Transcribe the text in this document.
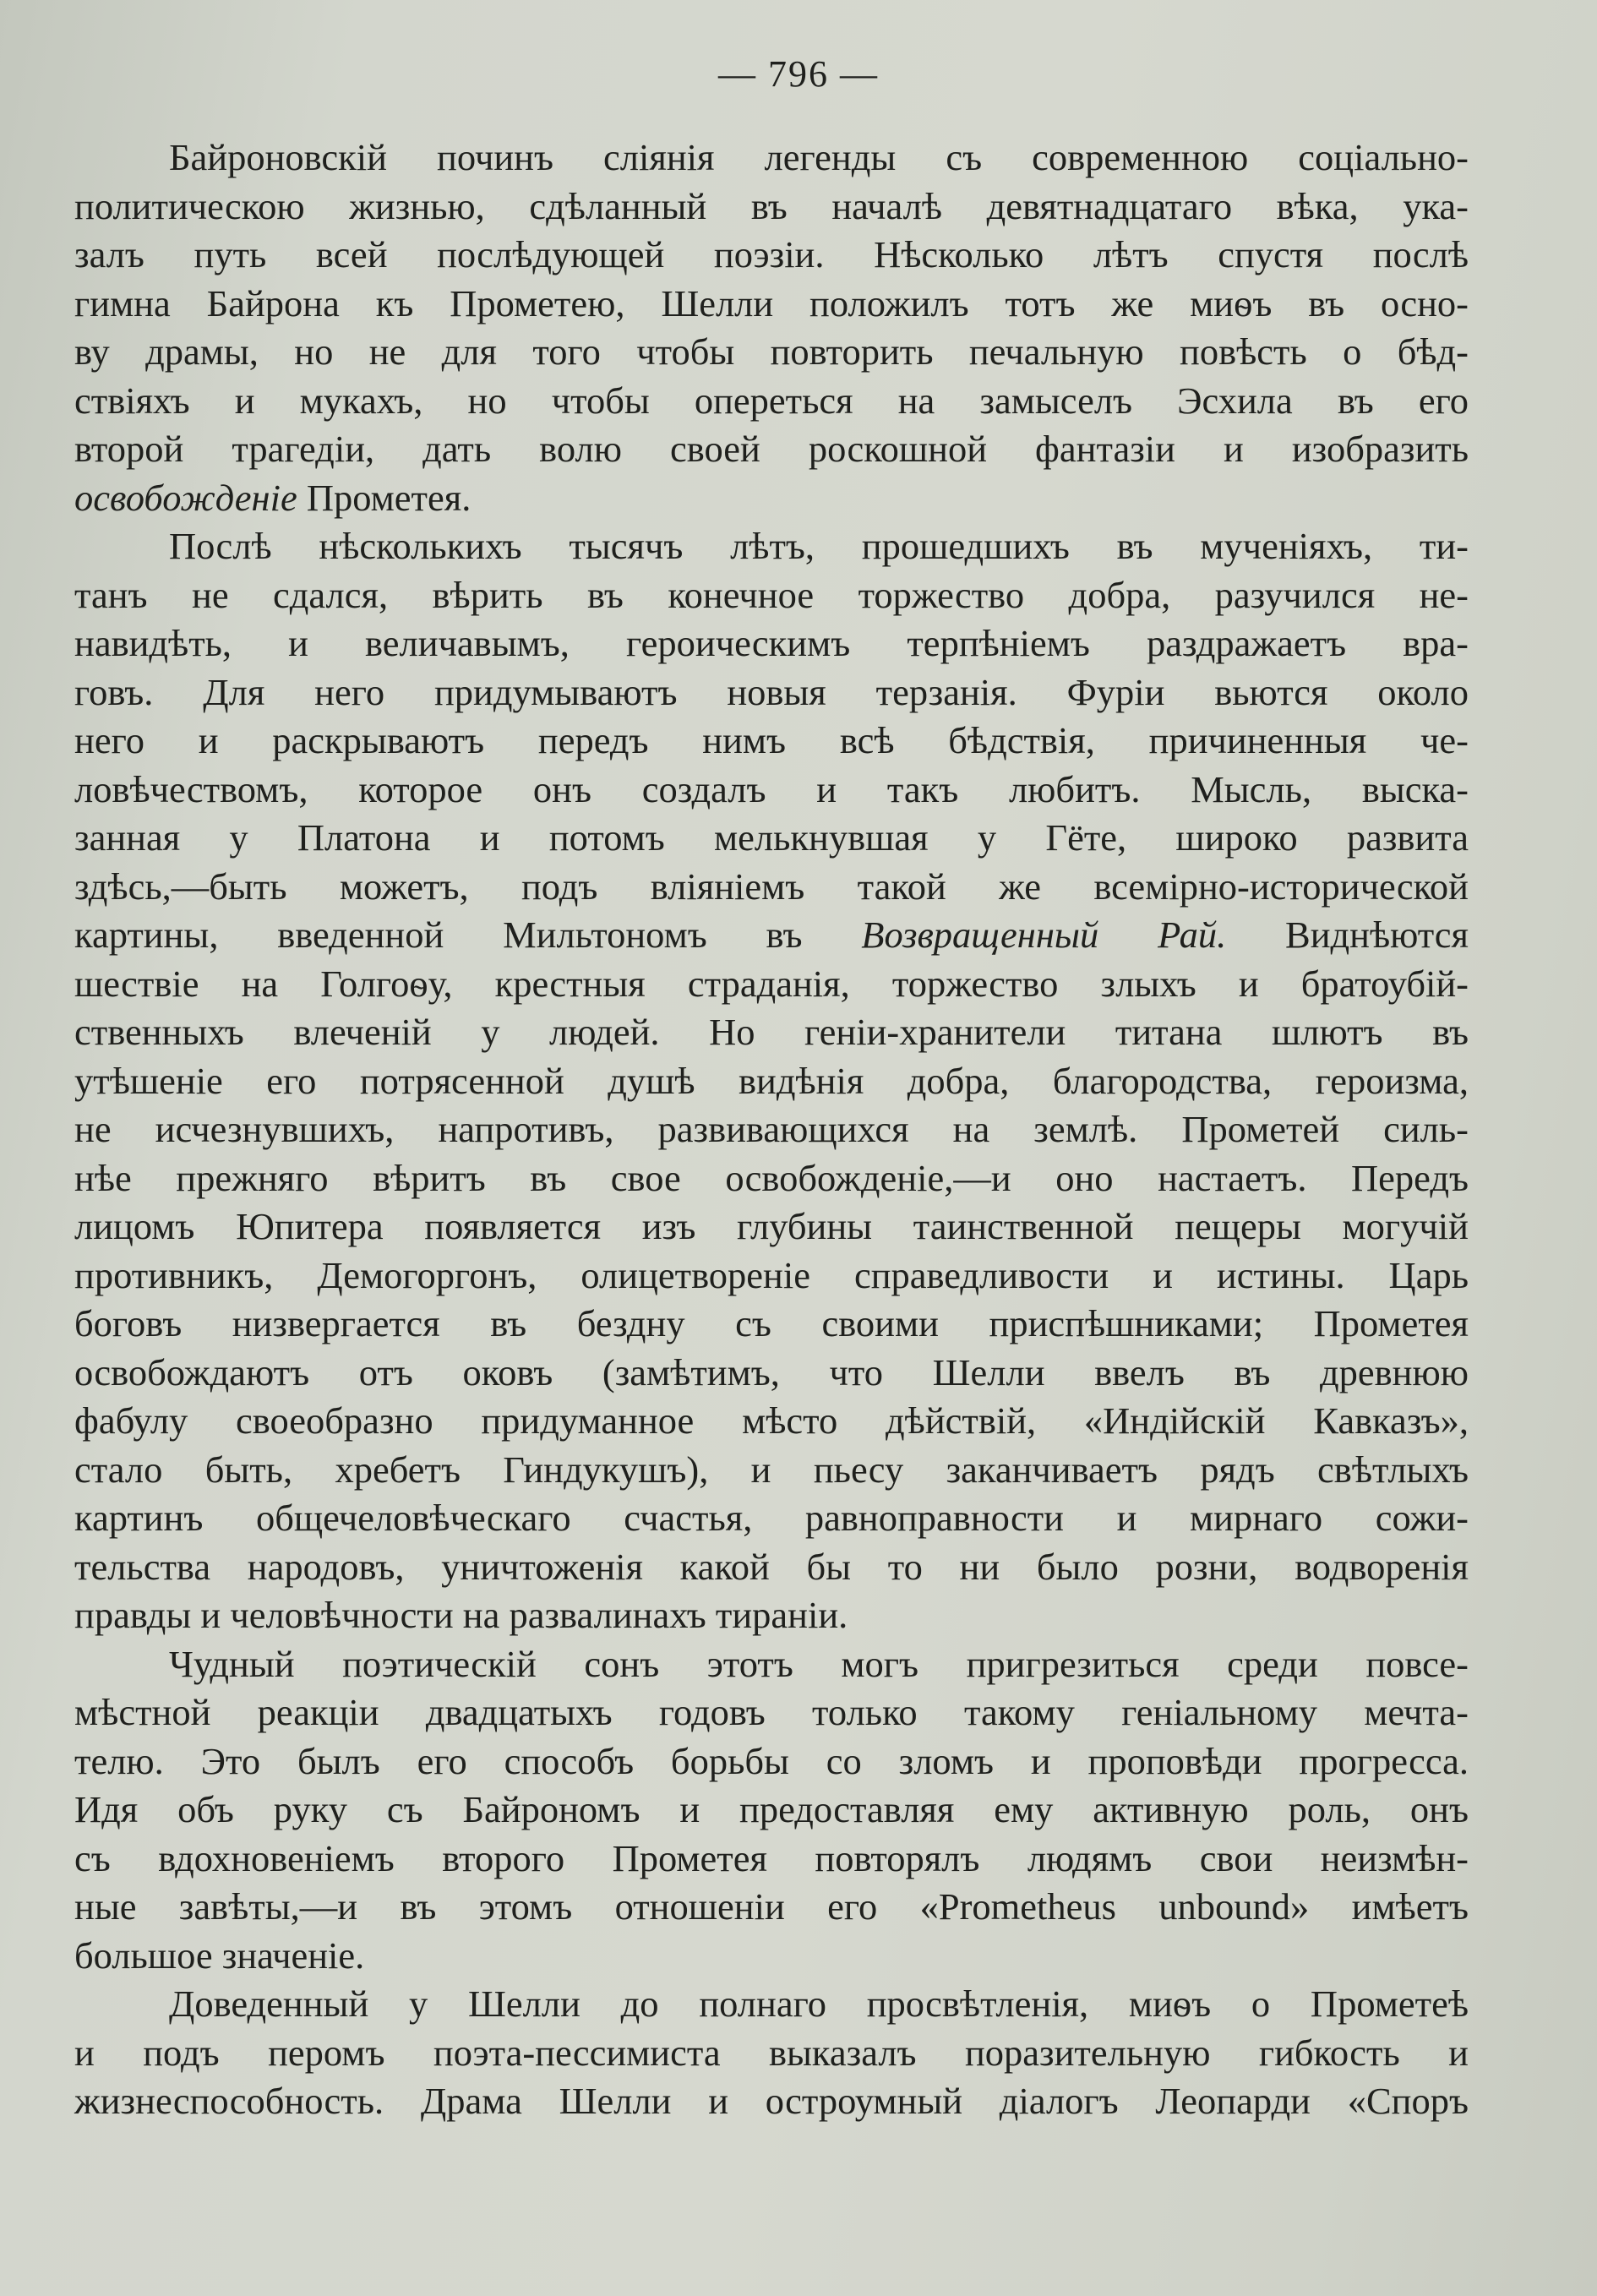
— 796 —

Байроновскій починъ сліянія легенды съ современною соціально-
политическою жизнью, сдѣланный въ началѣ девятнадцатаго вѣка, ука-
залъ путь всей послѣдующей поэзіи. Нѣсколько лѣтъ спустя послѣ
гимна Байрона къ Прометею, Шелли положилъ тотъ же миѳъ въ осно-
ву драмы, но не для того чтобы повторить печальную повѣсть о бѣд-
ствіяхъ и мукахъ, но чтобы опереться на замыселъ Эсхила въ его
второй трагедіи, дать волю своей роскошной фантазіи и изобразить
освобожденіе Прометея.

Послѣ нѣсколькихъ тысячъ лѣтъ, прошедшихъ въ мученіяхъ, ти-
танъ не сдался, вѣрить въ конечное торжество добра, разучился не-
навидѣть, и величавымъ, героическимъ терпѣніемъ раздражаетъ вра-
говъ. Для него придумываютъ новыя терзанія. Фуріи вьются около
него и раскрываютъ передъ нимъ всѣ бѣдствія, причиненныя че-
ловѣчествомъ, которое онъ создалъ и такъ любитъ. Мысль, выска-
занная у Платона и потомъ мелькнувшая у Гёте, широко развита
здѣсь,—быть можетъ, подъ вліяніемъ такой же всемірно-исторической
картины, введенной Мильтономъ въ Возвращенный Рай. Виднѣются
шествіе на Голгоѳу, крестныя страданія, торжество злыхъ и братоубій-
ственныхъ влеченій у людей. Но геніи-хранители титана шлютъ въ
утѣшеніе его потрясенной душѣ видѣнія добра, благородства, героизма,
не исчезнувшихъ, напротивъ, развивающихся на землѣ. Прометей силь-
нѣе прежняго вѣритъ въ свое освобожденіе,—и оно настаетъ. Передъ
лицомъ Юпитера появляется изъ глубины таинственной пещеры могучій
противникъ, Демогоргонъ, олицетвореніе справедливости и истины. Царь
боговъ низвергается въ бездну съ своими приспѣшниками; Прометея
освобождаютъ отъ оковъ (замѣтимъ, что Шелли ввелъ въ древнюю
фабулу своеобразно придуманное мѣсто дѣйствій, «Индійскій Кавказъ»,
стало быть, хребетъ Гиндукушъ), и пьесу заканчиваетъ рядъ свѣтлыхъ
картинъ общечеловѣческаго счастья, равноправности и мирнаго сожи-
тельства народовъ, уничтоженія какой бы то ни было розни, водворенія
правды и человѣчности на развалинахъ тираніи.

Чудный поэтическій сонъ этотъ могъ пригрезиться среди повсе-
мѣстной реакціи двадцатыхъ годовъ только такому геніальному мечта-
телю. Это былъ его способъ борьбы со зломъ и проповѣди прогресса.
Идя объ руку съ Байрономъ и предоставляя ему активную роль, онъ
съ вдохновеніемъ второго Прометея повторялъ людямъ свои неизмѣн-
ные завѣты,—и въ этомъ отношеніи его «Prometheus unbound» имѣетъ
большое значеніе.

Доведенный у Шелли до полнаго просвѣтленія, миѳъ о Прометеѣ
и подъ перомъ поэта-пессимиста выказалъ поразительную гибкость и
жизнеспособность. Драма Шелли и остроумный діалогъ Леопарди «Споръ
